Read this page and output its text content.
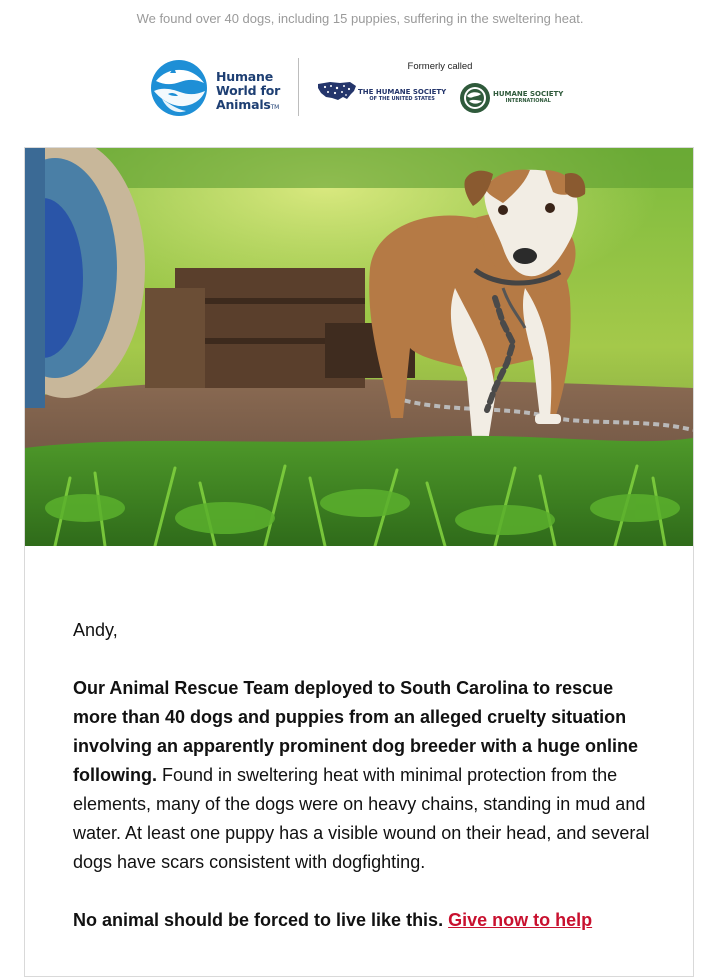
We found over 40 dogs, including 15 puppies, suffering in the sweltering heat.
Humane
World for
AnimalsTM
Formerly called
THE HUMANE SOCIETY
OF THE UNITED STATES
HUMANE SOCIETY
INTERNATIONAL

Andy,

Our Animal Rescue Team deployed to South Carolina to rescue more than 40 dogs and puppies from an alleged cruelty situation involving an apparently prominent dog breeder with a huge online following. Found in sweltering heat with minimal protection from the elements, many of the dogs were on heavy chains, standing in mud and water. At least one puppy has a visible wound on their head, and several dogs have scars consistent with dogfighting.

No animal should be forced to live like this. Give now to help
